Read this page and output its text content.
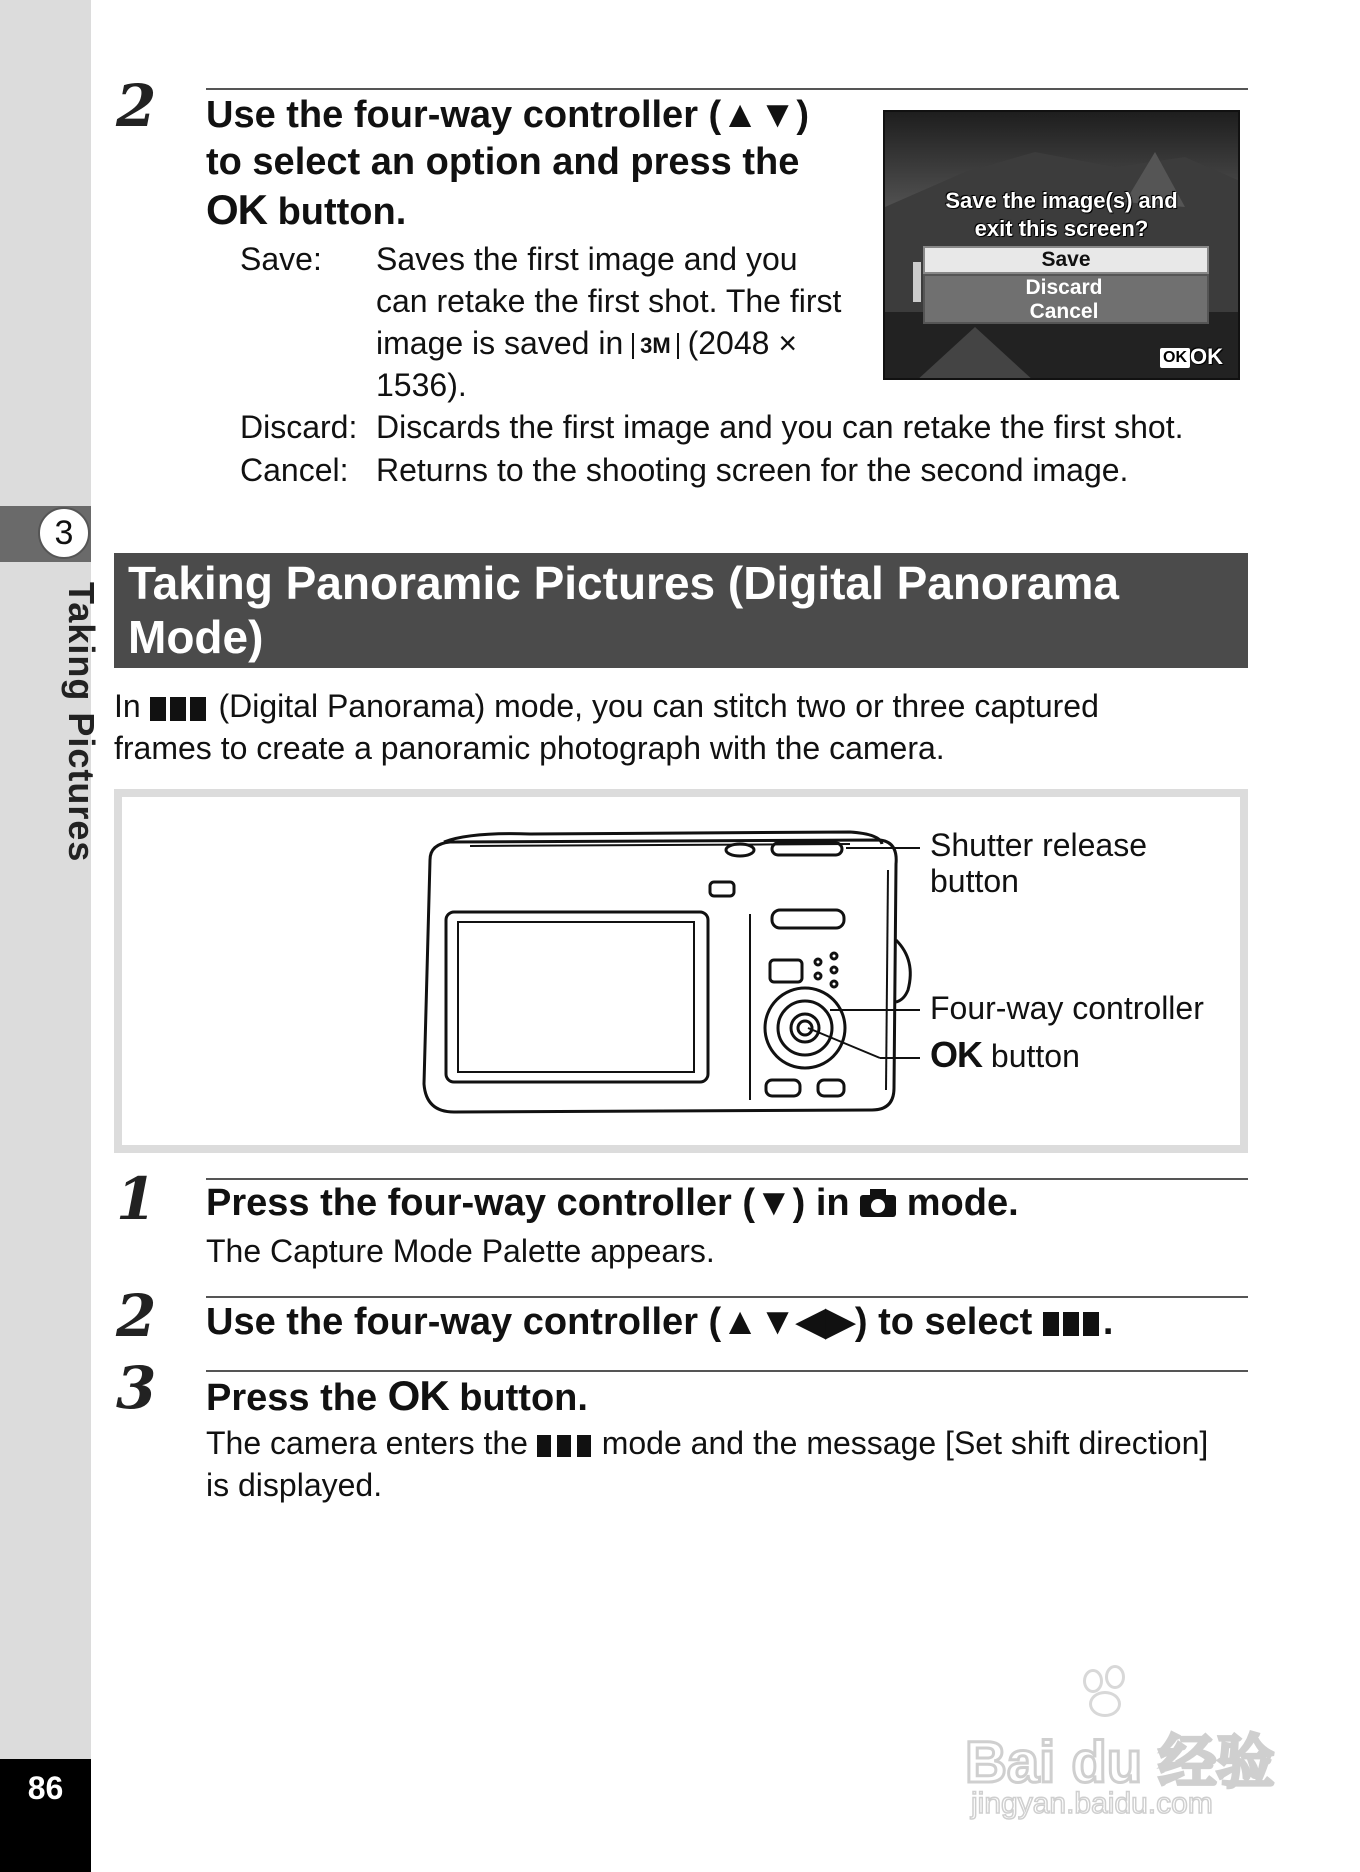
3
Taking Pictures
86
2 Use the four-way controller (▲▼)
to select an option and press the
OK button.
Save: Saves the first image and you
can retake the first shot. The first
image is saved in 3M (2048 ×
1536).
Discard: Discards the first image and you can retake the first shot.
Cancel: Returns to the shooting screen for the second image.
Save the image(s) and
exit this screen?
Save
Discard
Cancel
OK OK
Taking Panoramic Pictures (Digital Panorama
Mode)
In (Digital Panorama) mode, you can stitch two or three captured
frames to create a panoramic photograph with the camera.
Shutter release
button
Four-way controller
OK button
1 Press the four-way controller (▼) in mode.
The Capture Mode Palette appears.
2 Use the four-way controller (▲▼◀▶) to select .
3 Press the OK button.
The camera enters the mode and the message [Set shift direction]
is displayed.
Bai du 经验
jingyan.baidu.com
